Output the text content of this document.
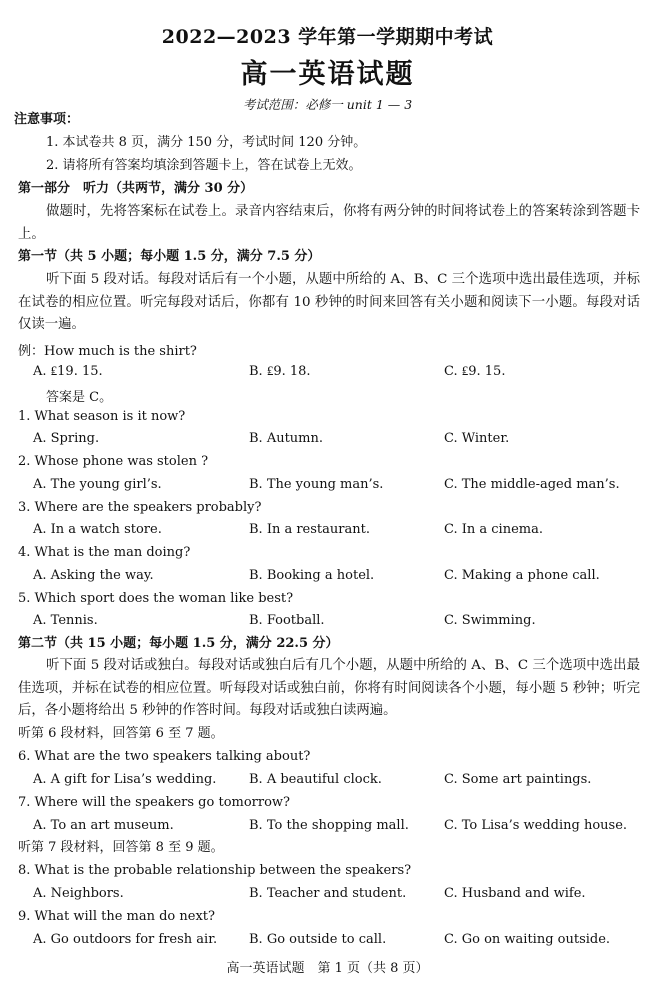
2022—2023 学年第一学期期中考试
高一英语试题
考试范围：必修一 unit 1 — 3
注意事项：
1. 本试卷共 8 页，满分 150 分，考试时间 120 分钟。
2. 请将所有答案均填涂到答题卡上，答在试卷上无效。
第一部分　听力（共两节，满分 30 分）
做题时，先将答案标在试卷上。录音内容结束后，你将有两分钟的时间将试卷上的答案转涂到答题卡上。
第一节（共 5 小题；每小题 1.5 分，满分 7.5 分）
听下面 5 段对话。每段对话后有一个小题，从题中所给的 A、B、C 三个选项中选出最佳选项，并标在试卷的相应位置。听完每段对话后，你都有 10 秒钟的时间来回答有关小题和阅读下一小题。每段对话仅读一遍。
例：How much is the shirt?
A. ₤19. 15.	B. ₤9. 18.	C. ₤9. 15.
答案是 C。
1. What season is it now?
A. Spring.	B. Autumn.	C. Winter.
2. Whose phone was stolen ?
A. The young girl’s.	B. The young man’s.	C. The middle-aged man’s.
3. Where are the speakers probably?
A. In a watch store.	B. In a restaurant.	C. In a cinema.
4. What is the man doing?
A. Asking the way.	B. Booking a hotel.	C. Making a phone call.
5. Which sport does the woman like best?
A. Tennis.	B. Football.	C. Swimming.
第二节（共 15 小题；每小题 1.5 分，满分 22.5 分）
听下面 5 段对话或独白。每段对话或独白后有几个小题，从题中所给的 A、B、C 三个选项中选出最佳选项，并标在试卷的相应位置。听每段对话或独白前，你将有时间阅读各个小题，每小题 5 秒钟；听完后，各小题将给出 5 秒钟的作答时间。每段对话或独白读两遍。
听第 6 段材料，回答第 6 至 7 题。
6. What are the two speakers talking about?
A. A gift for Lisa’s wedding.	B. A beautiful clock.	C. Some art paintings.
7. Where will the speakers go tomorrow?
A. To an art museum.	B. To the shopping mall.	C. To Lisa’s wedding house.
听第 7 段材料，回答第 8 至 9 题。
8. What is the probable relationship between the speakers?
A. Neighbors.	B. Teacher and student.	C. Husband and wife.
9. What will the man do next?
A. Go outdoors for fresh air. B. Go outside to call.	C. Go on waiting outside.
高一英语试题　第 1 页（共 8 页）
